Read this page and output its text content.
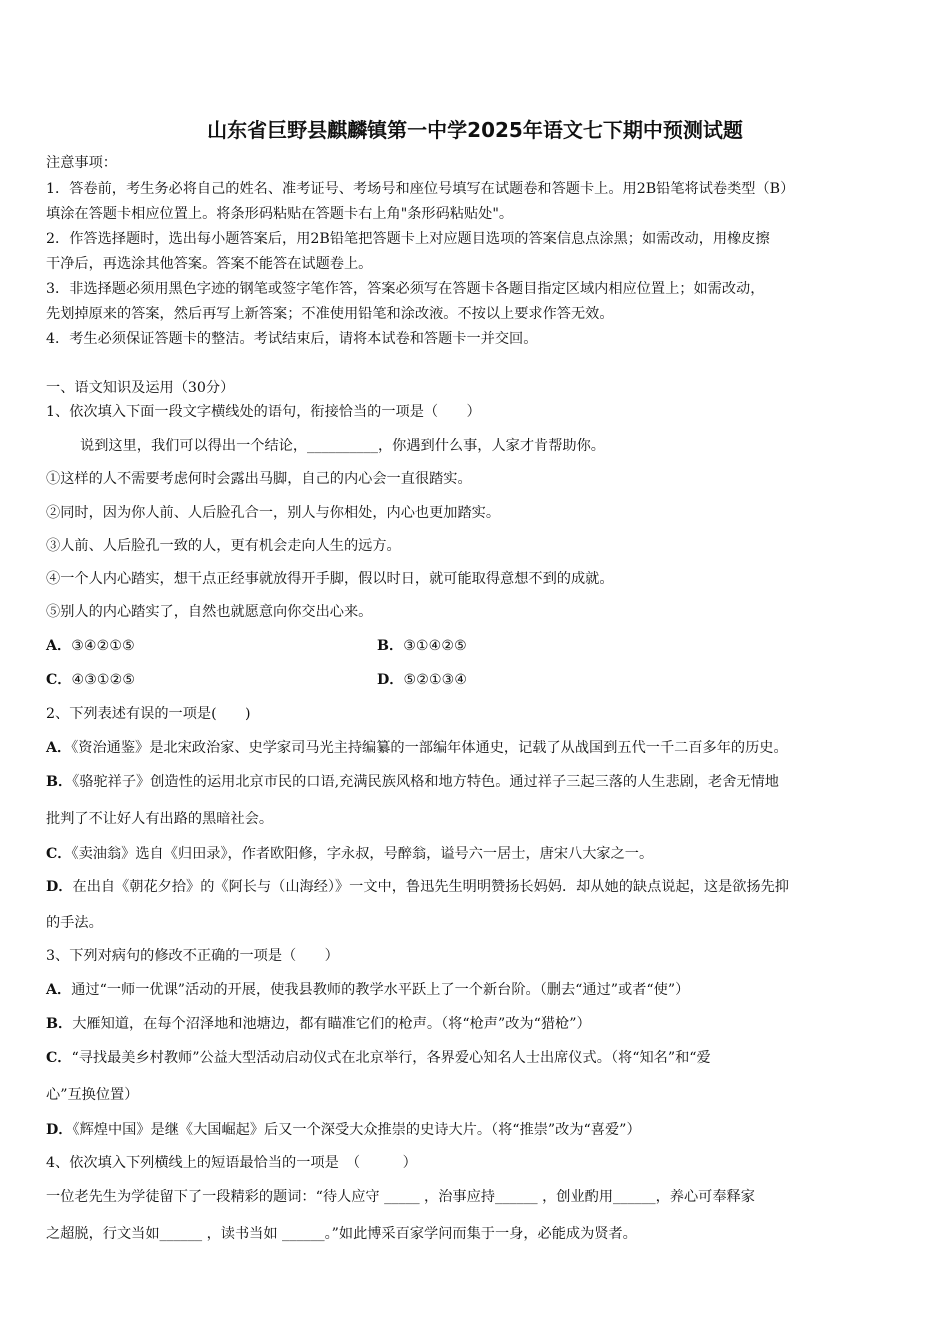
山东省巨野县麒麟镇第一中学2025年语文七下期中预测试题
注意事项：
1．答卷前，考生务必将自己的姓名、准考证号、考场号和座位号填写在试题卷和答题卡上。用2B铅笔将试卷类型（B）
填涂在答题卡相应位置上。将条形码粘贴在答题卡右上角"条形码粘贴处"。
2．作答选择题时，选出每小题答案后，用2B铅笔把答题卡上对应题目选项的答案信息点涂黑；如需改动，用橡皮擦
干净后，再选涂其他答案。答案不能答在试题卷上。
3．非选择题必须用黑色字迹的钢笔或签字笔作答，答案必须写在答题卡各题目指定区域内相应位置上；如需改动，
先划掉原来的答案，然后再写上新答案；不准使用铅笔和涂改液。不按以上要求作答无效。
4．考生必须保证答题卡的整洁。考试结束后，请将本试卷和答题卡一并交回。
一、语文知识及运用（30分）
1、依次填入下面一段文字横线处的语句，衔接恰当的一项是（　　）
说到这里，我们可以得出一个结论，__________，你遇到什么事，人家才肯帮助你。
①这样的人不需要考虑何时会露出马脚，自己的内心会一直很踏实。
②同时，因为你人前、人后脸孔合一，别人与你相处，内心也更加踏实。
③人前、人后脸孔一致的人，更有机会走向人生的远方。
④一个人内心踏实，想干点正经事就放得开手脚，假以时日，就可能取得意想不到的成就。
⑤别人的内心踏实了，自然也就愿意向你交出心来。
A．③④②①⑤	B．③①④②⑤
C．④③①②⑤	D．⑤②①③④
2、下列表述有误的一项是(　　)
A．《资治通鉴》是北宋政治家、史学家司马光主持编纂的一部编年体通史，记载了从战国到五代一千二百多年的历史。
B．《骆驼祥子》创造性的运用北京市民的口语,充满民族风格和地方特色。通过祥子三起三落的人生悲剧，老舍无情地
批判了不让好人有出路的黑暗社会。
C．《卖油翁》选自《归田录》，作者欧阳修，字永叔，号醉翁，谥号六一居士，唐宋八大家之一。
D．在出自《朝花夕拾》的《阿长与（山海经）》一文中，鲁迅先生明明赞扬长妈妈．却从她的缺点说起，这是欲扬先抑
的手法。
3、下列对病句的修改不正确的一项是（　　）
A．通过“一师一优课”活动的开展，使我县教师的教学水平跃上了一个新台阶。（删去“通过”或者“使”）
B．大雁知道，在每个沼泽地和池塘边，都有瞄准它们的枪声。（将“枪声”改为“猎枪”）
C．“寻找最美乡村教师”公益大型活动启动仪式在北京举行，各界爱心知名人士出席仪式。（将“知名”和“爱
心”互换位置）
D．《辉煌中国》是继《大国崛起》后又一个深受大众推崇的史诗大片。（将“推崇”改为“喜爱”）
4、依次填入下列横线上的短语最恰当的一项是　（　　　）
一位老先生为学徒留下了一段精彩的题词：“待人应守 _____ ，治事应持______ ，创业酌用______，养心可奉释家
之超脱，行文当如______ ，读书当如 ______。”如此博采百家学问而集于一身，必能成为贤者。
